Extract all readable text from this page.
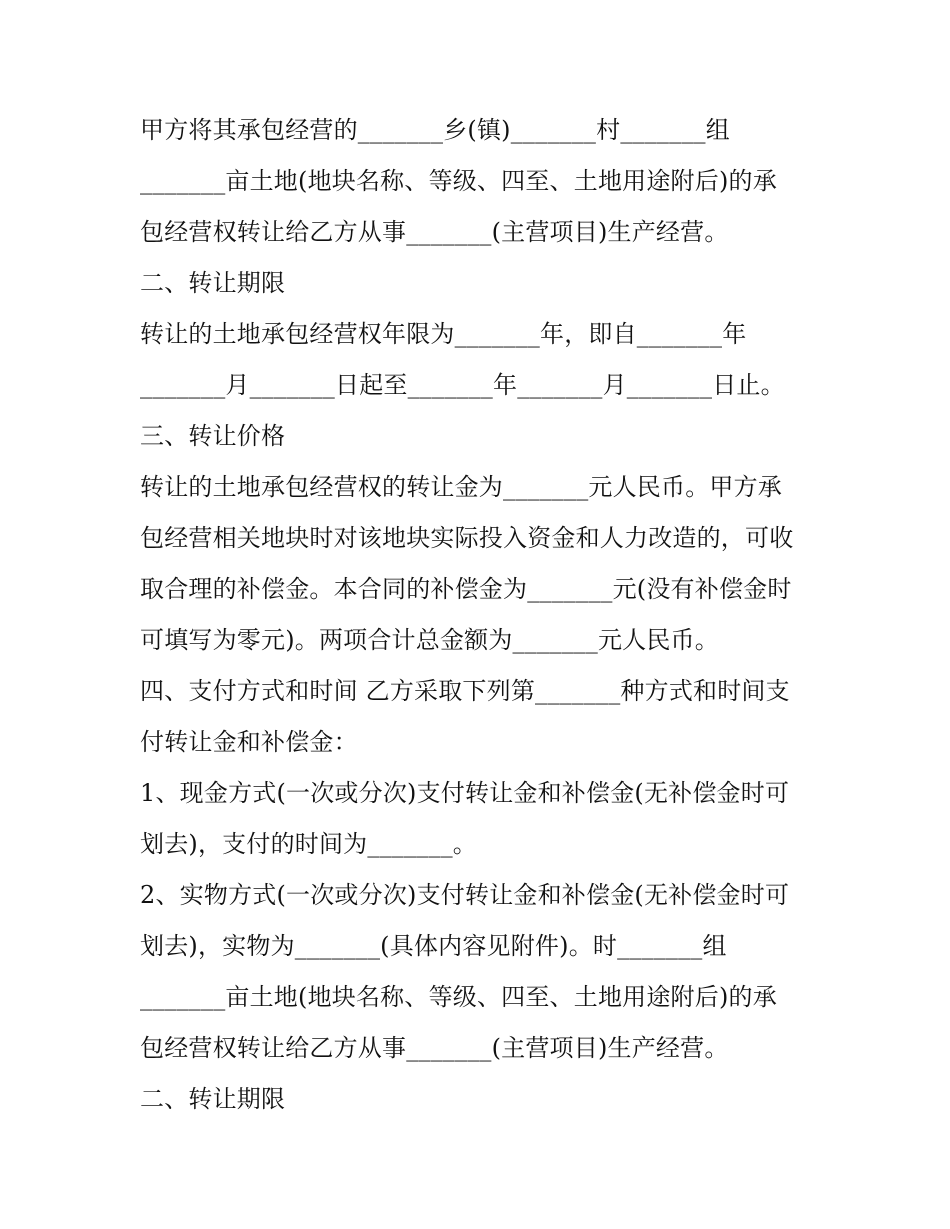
甲方将其承包经营的_______乡(镇)_______村_______组
_______亩土地(地块名称、等级、四至、土地用途附后)的承
包经营权转让给乙方从事_______(主营项目)生产经营。
二、转让期限
转让的土地承包经营权年限为_______年，即自_______年
_______月_______日起至_______年_______月_______日止。
三、转让价格
转让的土地承包经营权的转让金为_______元人民币。甲方承
包经营相关地块时对该地块实际投入资金和人力改造的，可收
取合理的补偿金。本合同的补偿金为_______元(没有补偿金时
可填写为零元)。两项合计总金额为_______元人民币。
四、支付方式和时间 乙方采取下列第_______种方式和时间支
付转让金和补偿金：
1、现金方式(一次或分次)支付转让金和补偿金(无补偿金时可
划去)，支付的时间为_______。
2、实物方式(一次或分次)支付转让金和补偿金(无补偿金时可
划去)，实物为_______(具体内容见附件)。时_______组
_______亩土地(地块名称、等级、四至、土地用途附后)的承
包经营权转让给乙方从事_______(主营项目)生产经营。
二、转让期限
